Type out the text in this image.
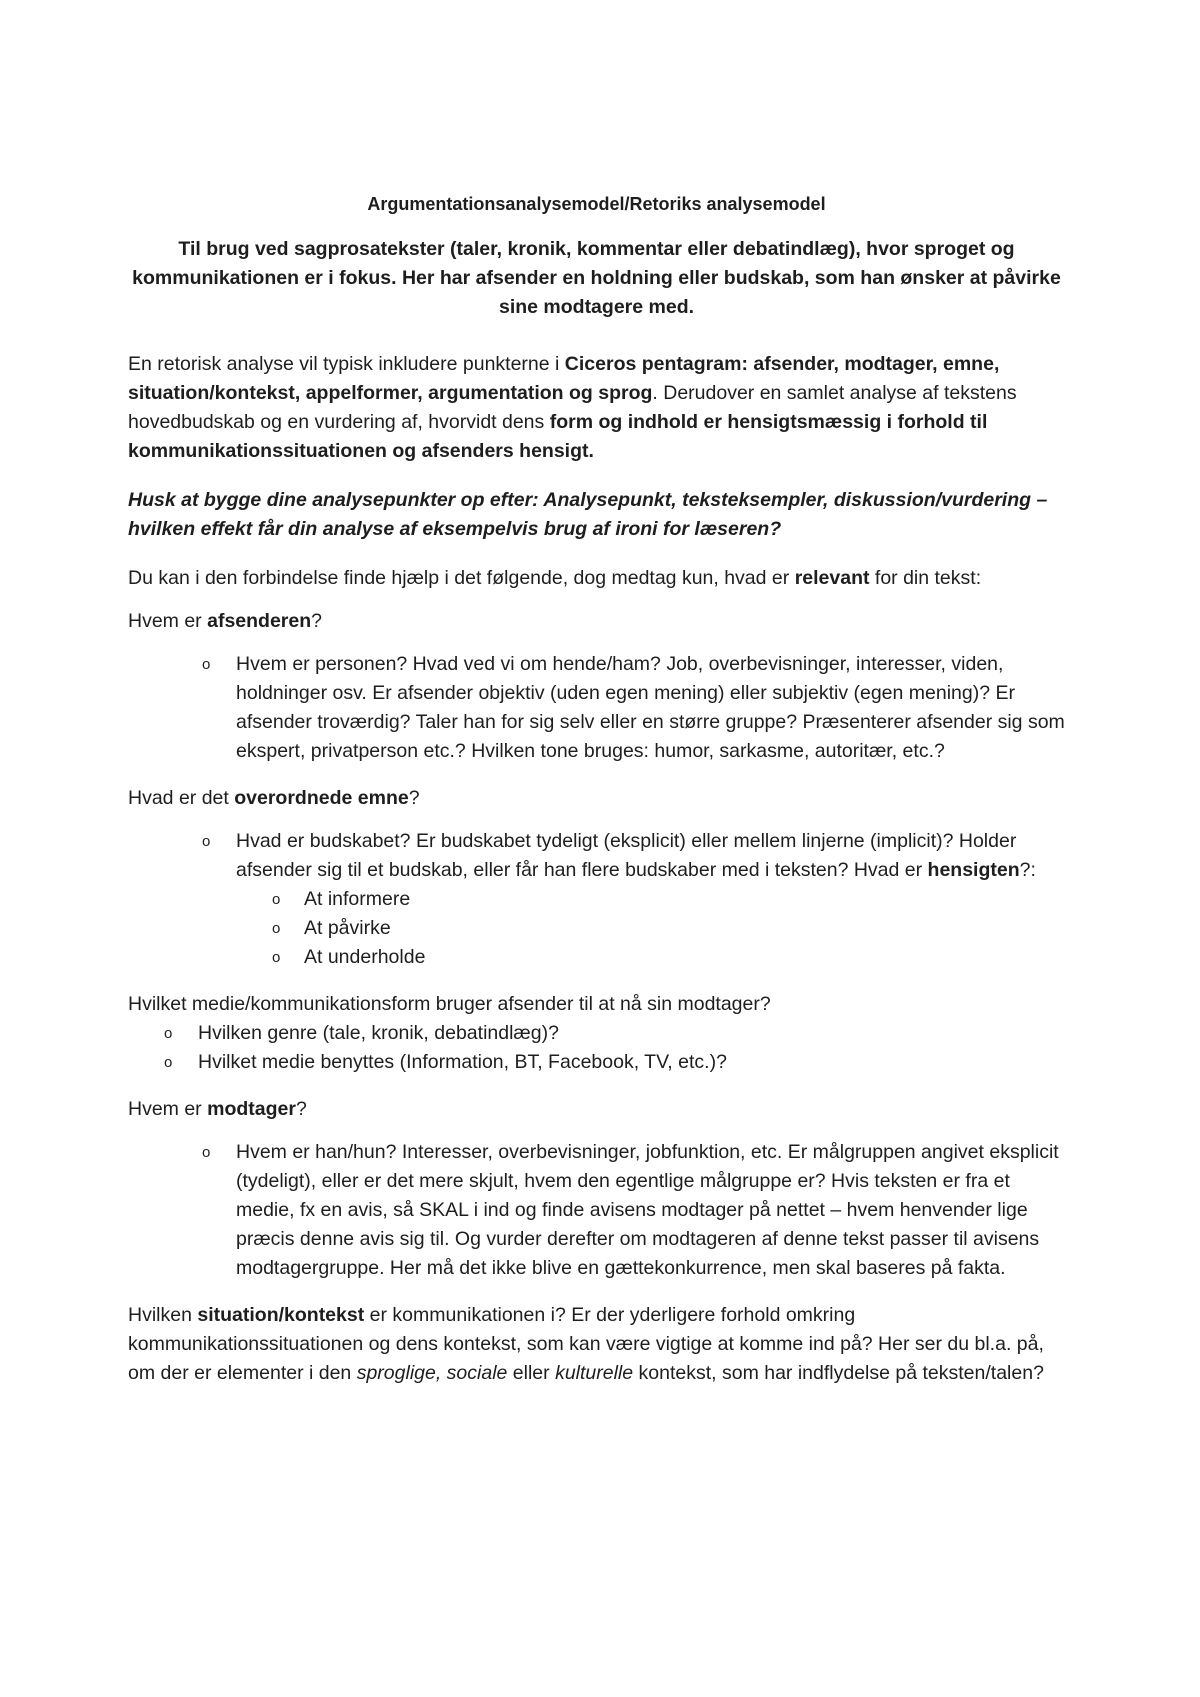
Argumentationsanalysemodel/Retoriks analysemodel

Til brug ved sagprosatekster (taler, kronik, kommentar eller debatindlæg), hvor sproget og kommunikationen er i fokus. Her har afsender en holdning eller budskab, som han ønsker at påvirke sine modtagere med.

En retorisk analyse vil typisk inkludere punkterne i Ciceros pentagram: afsender, modtager, emne, situation/kontekst, appelformer, argumentation og sprog. Derudover en samlet analyse af tekstens hovedbudskab og en vurdering af, hvorvidt dens form og indhold er hensigtsmæssig i forhold til kommunikationssituationen og afsenders hensigt.

Husk at bygge dine analysepunkter op efter: Analysepunkt, teksteksempler, diskussion/vurdering – hvilken effekt får din analyse af eksempelvis brug af ironi for læseren?

Du kan i den forbindelse finde hjælp i det følgende, dog medtag kun, hvad er relevant for din tekst:

Hvem er afsenderen?

o Hvem er personen? Hvad ved vi om hende/ham? Job, overbevisninger, interesser, viden, holdninger osv. Er afsender objektiv (uden egen mening) eller subjektiv (egen mening)? Er afsender troværdig? Taler han for sig selv eller en større gruppe? Præsenterer afsender sig som ekspert, privatperson etc.? Hvilken tone bruges: humor, sarkasme, autoritær, etc.?

Hvad er det overordnede emne?

o Hvad er budskabet? Er budskabet tydeligt (eksplicit) eller mellem linjerne (implicit)? Holder afsender sig til et budskab, eller får han flere budskaber med i teksten? Hvad er hensigten?:
o At informere
o At påvirke
o At underholde

Hvilket medie/kommunikationsform bruger afsender til at nå sin modtager?

o Hvilken genre (tale, kronik, debatindlæg)?
o Hvilket medie benyttes (Information, BT, Facebook, TV, etc.)?

Hvem er modtager?

o Hvem er han/hun? Interesser, overbevisninger, jobfunktion, etc. Er målgruppen angivet eksplicit (tydeligt), eller er det mere skjult, hvem den egentlige målgruppe er? Hvis teksten er fra et medie, fx en avis, så SKAL i ind og finde avisens modtager på nettet – hvem henvender lige præcis denne avis sig til. Og vurder derefter om modtageren af denne tekst passer til avisens modtagergruppe. Her må det ikke blive en gættekonkurrence, men skal baseres på fakta.

Hvilken situation/kontekst er kommunikationen i? Er der yderligere forhold omkring kommunikationssituationen og dens kontekst, som kan være vigtige at komme ind på? Her ser du bl.a. på, om der er elementer i den sproglige, sociale eller kulturelle kontekst, som har indflydelse på teksten/talen?
